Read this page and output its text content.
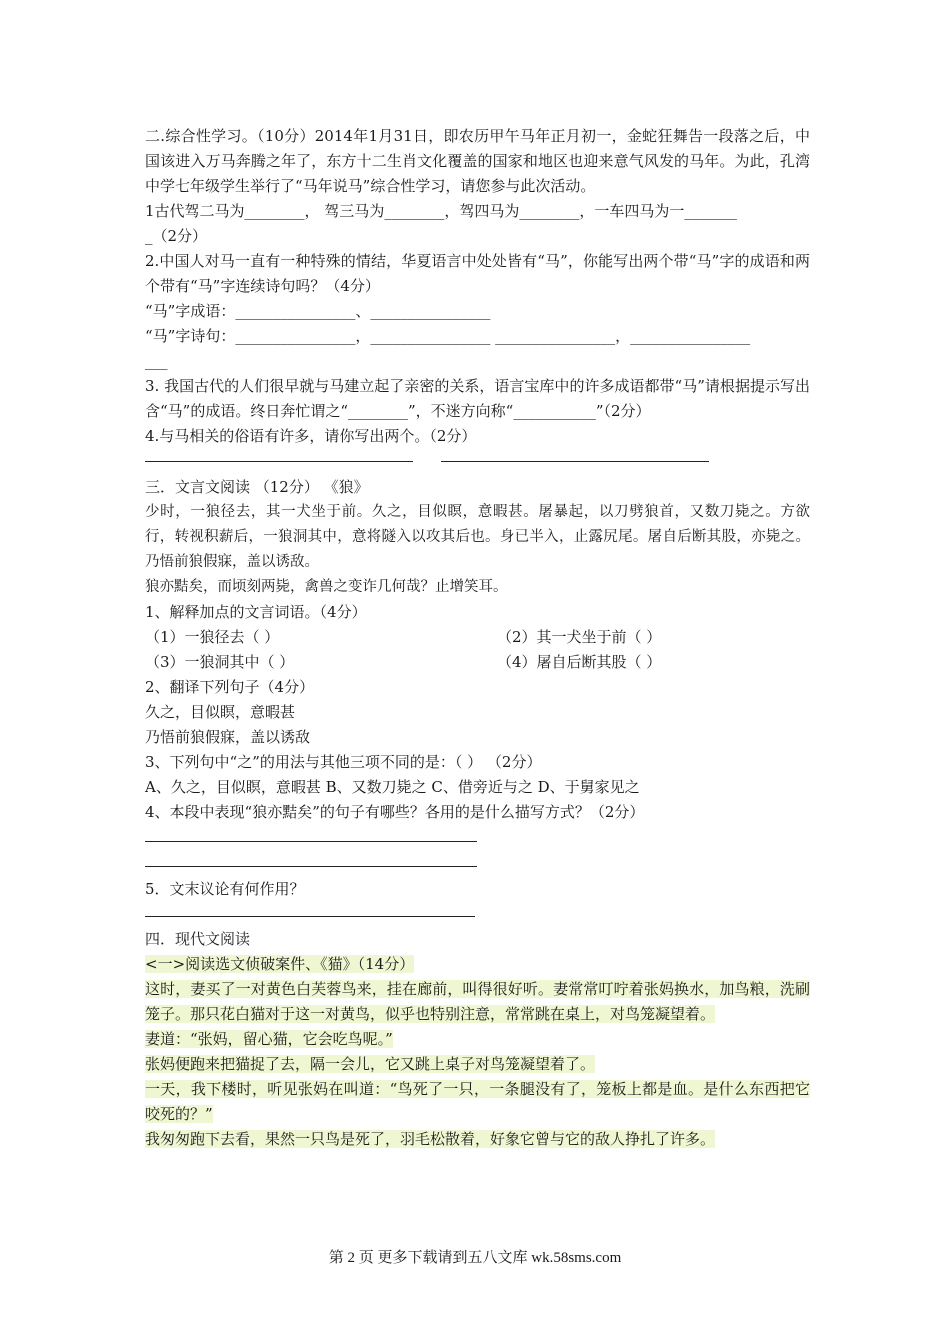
二.综合性学习。（10分）2014年1月31日，即农历甲午马年正月初一，金蛇狂舞告一段落之后，中国该进入万马奔腾之年了，东方十二生肖文化覆盖的国家和地区也迎来意气风发的马年。为此，孔湾中学七年级学生举行了“马年说马”综合性学习，请您参与此次活动。
1古代驾二马为________， 驾三马为________，驾四马为________，一车四马为一_______
_（2分）
2.中国人对马一直有一种特殊的情结，华夏语言中处处皆有“马”，你能写出两个带“马”字的成语和两个带有“马”字连续诗句吗？（4分）
“马”字成语：________________、________________
“马”字诗句：________________，________________ ________________，________________
___
3. 我国古代的人们很早就与马建立起了亲密的关系，语言宝库中的许多成语都带“马”请根据提示写出含“马”的成语。终日奔忙谓之“________”，不迷方向称“___________”（2分）
4.与马相关的俗语有许多，请你写出两个。（2分）
三．文言文阅读 （12分） 《狼》
少时，一狼径去，其一犬坐于前。久之，目似瞑，意暇甚。屠暴起，以刀劈狼首，又数刀毙之。方欲行，转视积薪后，一狼洞其中，意将隧入以攻其后也。身已半入，止露尻尾。屠自后断其股，亦毙之。乃悟前狼假寐，盖以诱敌。
狼亦黠矣，而顷刻两毙，禽兽之变诈几何哉？止增笑耳。
1、解释加点的文言词语。（4分）
（1）一狼径去（ ）	（2）其一犬坐于前（ ）

（3）一狼洞其中（ ）	（4）屠自后断其股（ ）

2、翻译下列句子（4分）
久之，目似瞑，意暇甚
乃悟前狼假寐，盖以诱敌
3、下列句中“之”的用法与其他三项不同的是：（ ） （2分）
A、久之，目似瞑，意暇甚 B、又数刀毙之 C、借旁近与之 D、于舅家见之
4、本段中表现“狼亦黠矣”的句子有哪些？各用的是什么描写方式？（2分）
5．文末议论有何作用？
四．现代文阅读
<一>阅读选文侦破案件、《猫》（14分）
这时，妻买了一对黄色白芙蓉鸟来，挂在廊前，叫得很好听。妻常常叮咛着张妈换水，加鸟粮，洗刷笼子。那只花白猫对于这一对黄鸟，似乎也特别注意，常常跳在桌上，对鸟笼凝望着。
妻道：“张妈，留心猫，它会吃鸟呢。”
张妈便跑来把猫捉了去，隔一会儿，它又跳上桌子对鸟笼凝望着了。
一天，我下楼时，听见张妈在叫道：“鸟死了一只，一条腿没有了，笼板上都是血。是什么东西把它咬死的？”
我匆匆跑下去看，果然一只鸟是死了，羽毛松散着，好象它曾与它的敌人挣扎了许多。
第 2 页 更多下载请到五八文库 wk.58sms.com
